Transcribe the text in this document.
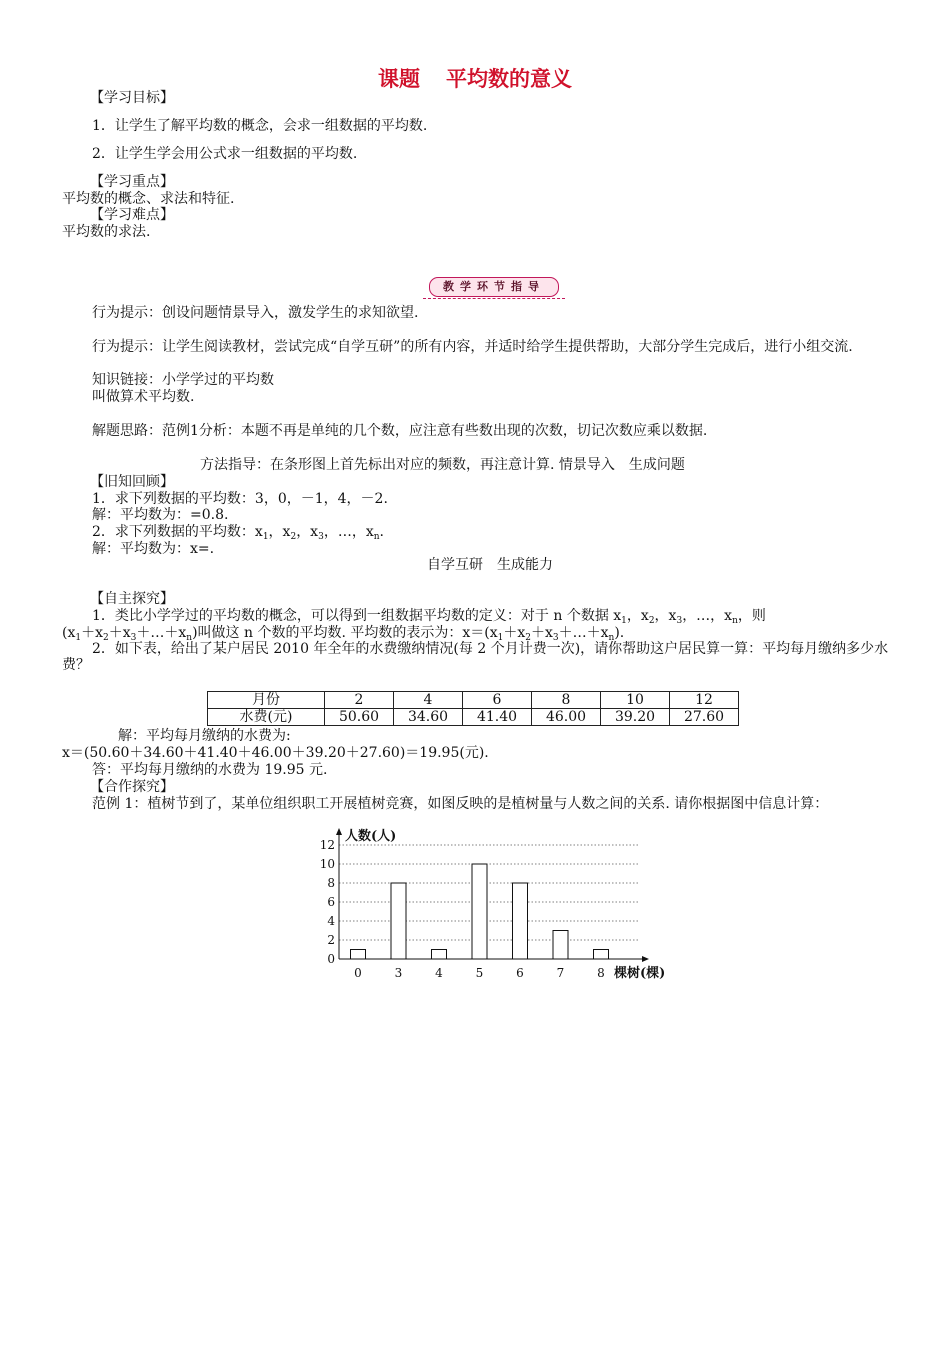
课题 平均数的意义
【学习目标】
1．让学生了解平均数的概念，会求一组数据的平均数.
2．让学生学会用公式求一组数据的平均数.
【学习重点】
平均数的概念、求法和特征.
【学习难点】
平均数的求法.
教学环节指导
行为提示：创设问题情景导入，激发学生的求知欲望.
行为提示：让学生阅读教材，尝试完成“自学互研”的所有内容，并适时给学生提供帮助，大部分学生完成后，进行小组交流.
知识链接：小学学过的平均数
叫做算术平均数.
解题思路：范例1分析：本题不再是单纯的几个数，应注意有些数出现的次数，切记次数应乘以数据.
方法指导：在条形图上首先标出对应的频数，再注意计算. 情景导入　生成问题
【旧知回顾】
1．求下列数据的平均数：3，0，－1，4，－2.
解：平均数为：=0.8.
2．求下列数据的平均数：$x_1$，$x_2$，$x_3$，…，$x_n$.
解：平均数为：x=.
自学互研　生成能力
【自主探究】
1．类比小学学过的平均数的概念，可以得到一组数据平均数的定义：对于 n 个数据 $x_1$，$x_2$，$x_3$，…，$x_n$，则
$(x_1+x_2+x_3+\dots+x_n)$叫做这 n 个数的平均数. 平均数的表示为：$x=(x_1+x_2+x_3+\dots+x_n)$.
2．如下表，给出了某户居民 2010 年全年的水费缴纳情况(每 2 个月计费一次)，请你帮助这户居民算一算：平均每月缴纳多少水费？
月份	2	4	6	8	10	12
水费(元)	50.60	34.60	41.40	46.00	39.20	27.60
解：平均每月缴纳的水费为:
x＝(50.60＋34.60＋41.40＋46.00＋39.20＋27.60)＝19.95(元).
答：平均每月缴纳的水费为 19.95 元.
【合作探究】
范例 1：植树节到了，某单位组织职工开展植树竞赛，如图反映的是植树量与人数之间的关系. 请你根据图中信息计算：
0
2
4
6
8
10
12
0	3	4	5	6	7	8
人数(人)
棵树(棵)
